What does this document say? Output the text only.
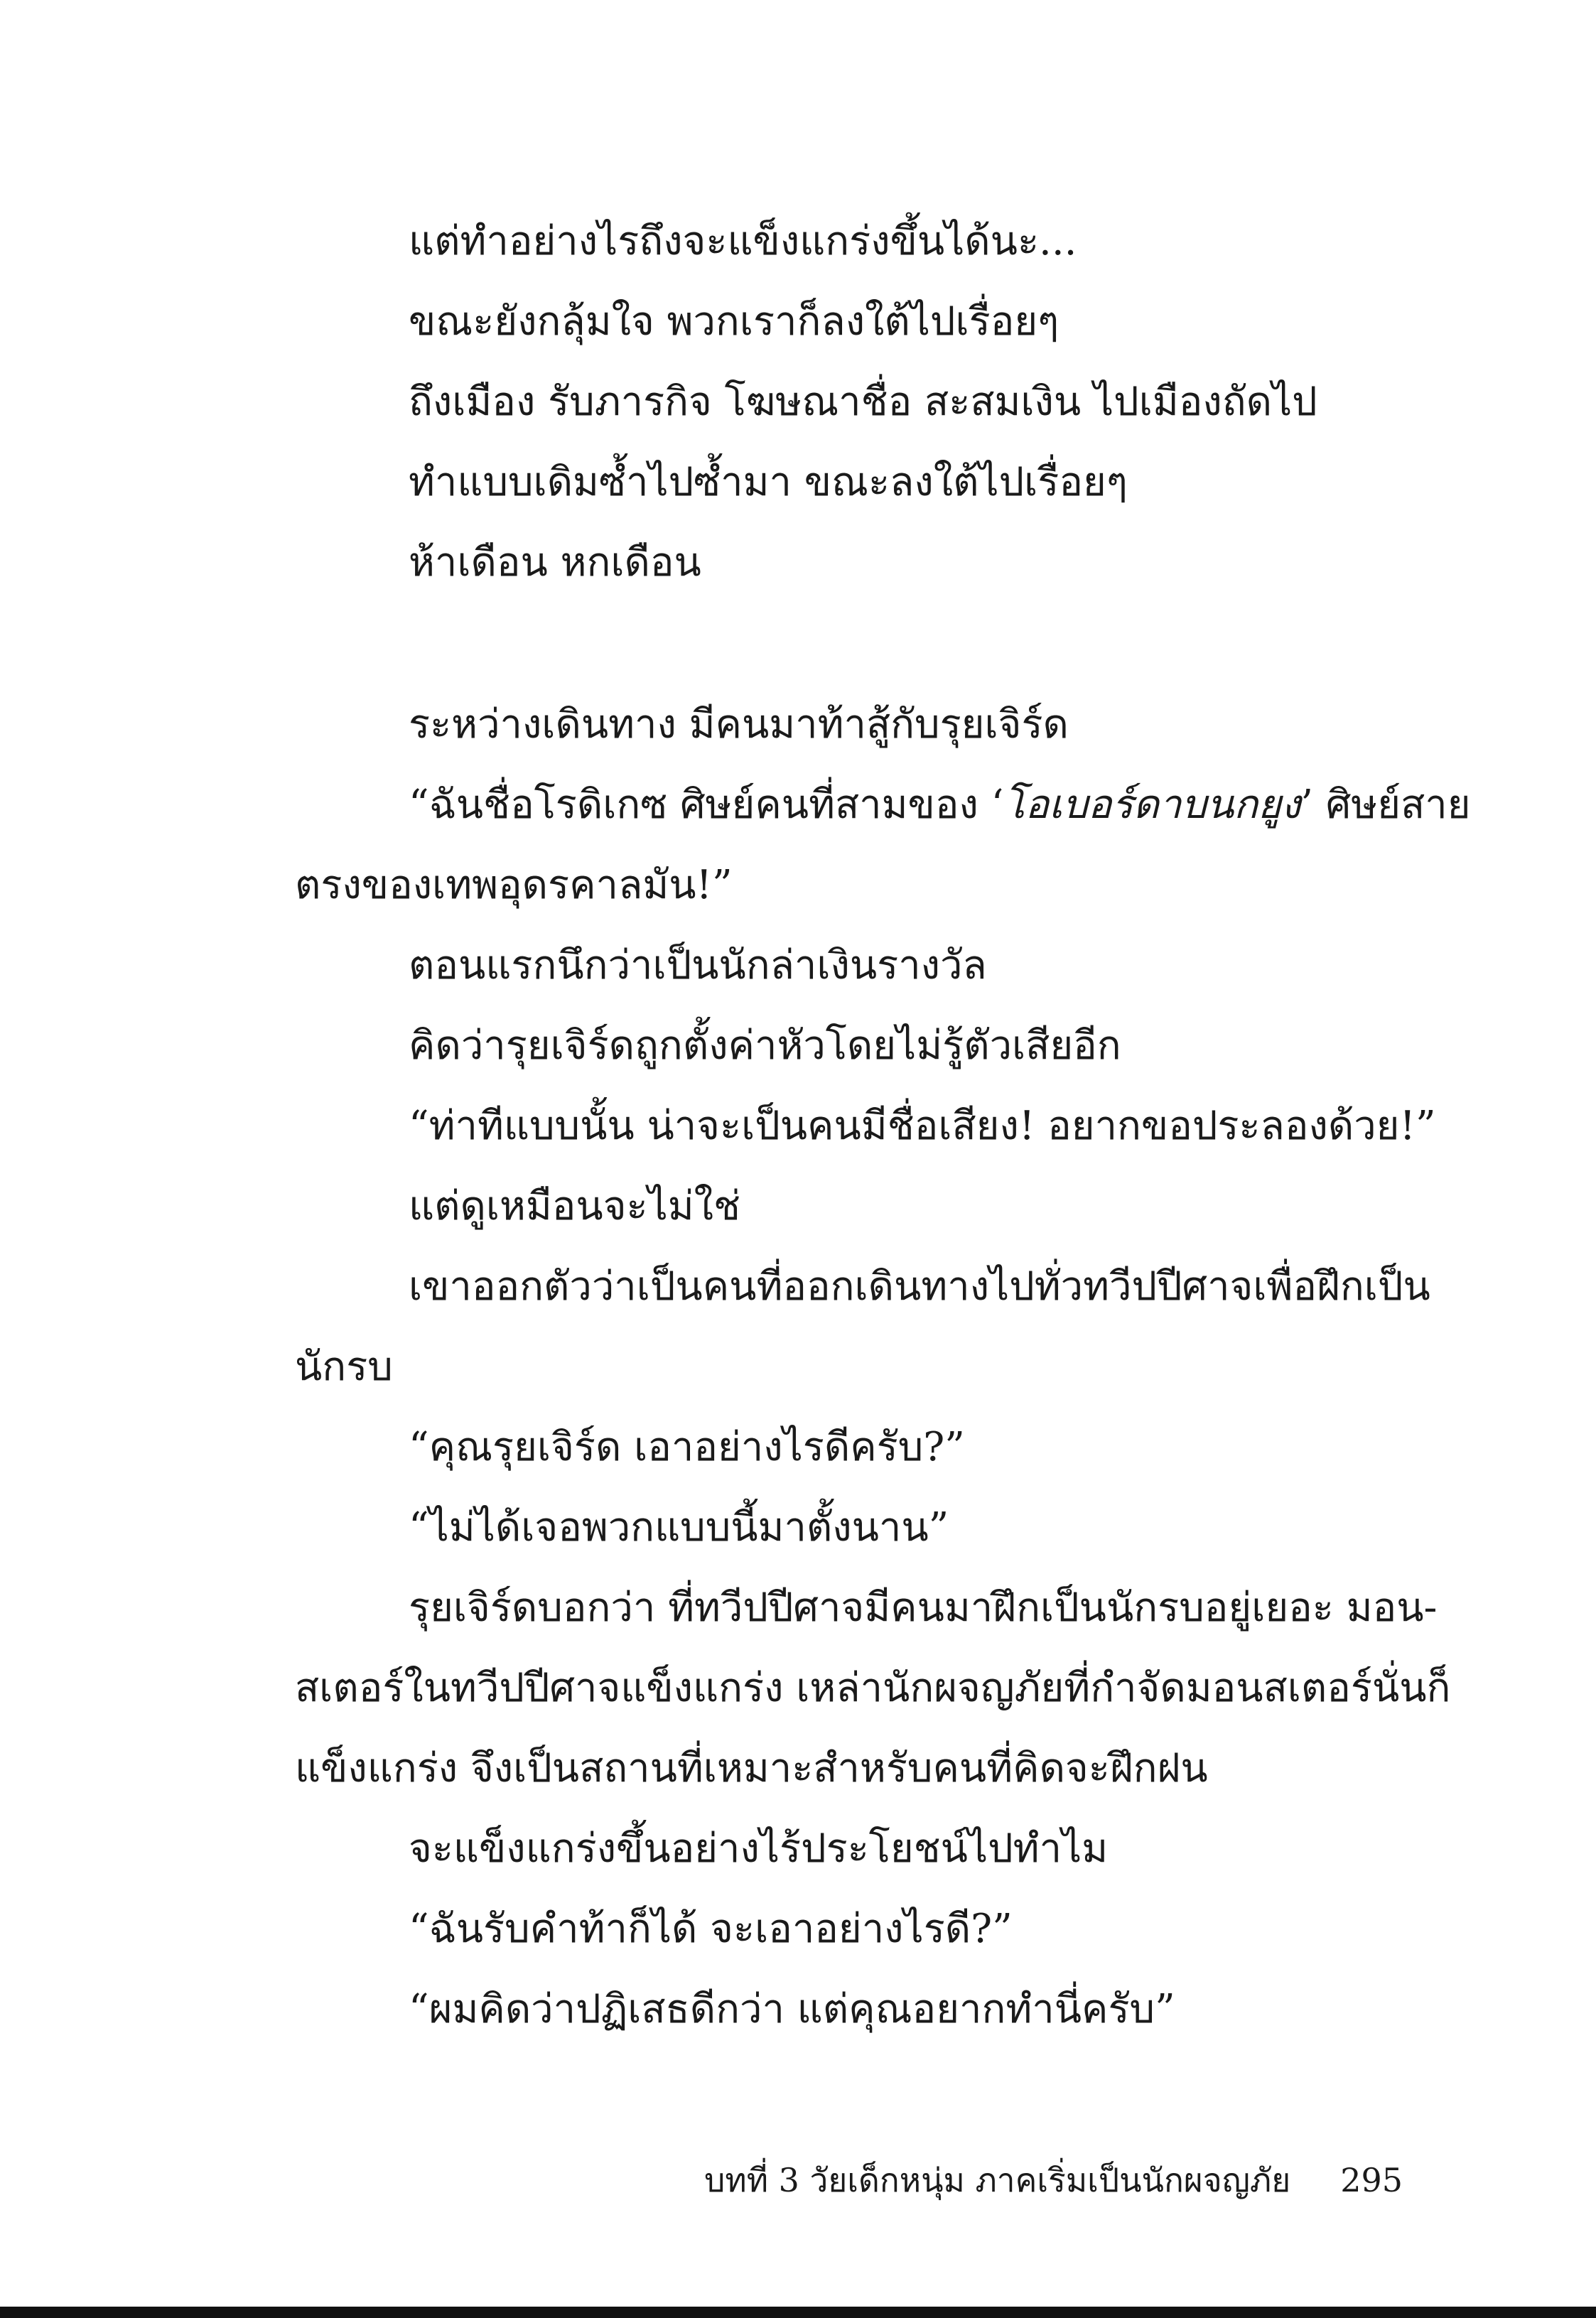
แต่ทำอย่างไรถึงจะแข็งแกร่งขึ้นได้นะ...
ขณะยังกลุ้มใจ พวกเราก็ลงใต้ไปเรื่อยๆ
ถึงเมือง รับภารกิจ โฆษณาชื่อ สะสมเงิน ไปเมืองถัดไป
ทำแบบเดิมซ้ำไปซ้ำมา ขณะลงใต้ไปเรื่อยๆ
ห้าเดือน หกเดือน
ระหว่างเดินทาง มีคนมาท้าสู้กับรุยเจิร์ด
“ฉันชื่อโรดิเกซ ศิษย์คนที่สามของ ‘โอเบอร์ดาบนกยูง’ ศิษย์สาย
ตรงของเทพอุดรคาลมัน!”
ตอนแรกนึกว่าเป็นนักล่าเงินรางวัล
คิดว่ารุยเจิร์ดถูกตั้งค่าหัวโดยไม่รู้ตัวเสียอีก
“ท่าทีแบบนั้น น่าจะเป็นคนมีชื่อเสียง! อยากขอประลองด้วย!”
แต่ดูเหมือนจะไม่ใช่
เขาออกตัวว่าเป็นคนที่ออกเดินทางไปทั่วทวีปปีศาจเพื่อฝึกเป็น
นักรบ
“คุณรุยเจิร์ด เอาอย่างไรดีครับ?”
“ไม่ได้เจอพวกแบบนี้มาตั้งนาน”
รุยเจิร์ดบอกว่า ที่ทวีปปีศาจมีคนมาฝึกเป็นนักรบอยู่เยอะ มอน-
สเตอร์ในทวีปปีศาจแข็งแกร่ง เหล่านักผจญภัยที่กำจัดมอนสเตอร์นั่นก็
แข็งแกร่ง จึงเป็นสถานที่เหมาะสำหรับคนที่คิดจะฝึกฝน
จะแข็งแกร่งขึ้นอย่างไร้ประโยชน์ไปทำไม
“ฉันรับคำท้าก็ได้ จะเอาอย่างไรดี?”
“ผมคิดว่าปฏิเสธดีกว่า แต่คุณอยากทำนี่ครับ”
บทที่ 3 วัยเด็กหนุ่ม ภาคเริ่มเป็นนักผจญภัย 295
